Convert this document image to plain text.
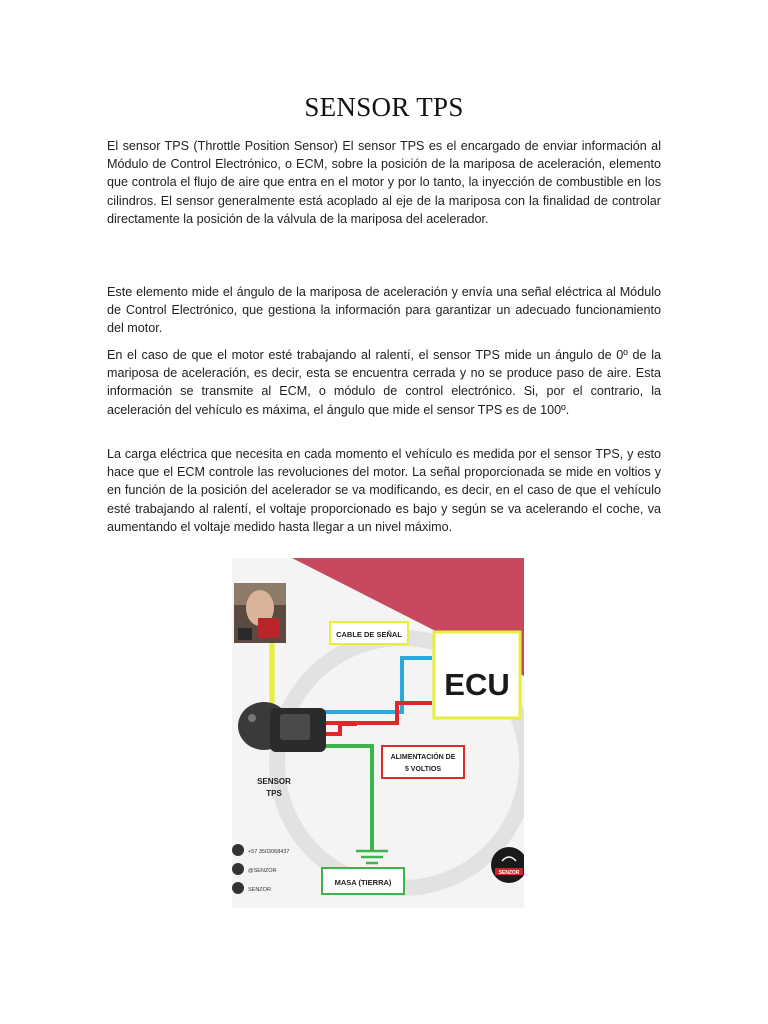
SENSOR TPS

El sensor TPS (Throttle Position Sensor) El sensor TPS es el encargado de enviar información al Módulo de Control Electrónico, o ECM, sobre la posición de la mariposa de aceleración, elemento que controla el flujo de aire que entra en el motor y por lo tanto, la inyección de combustible en los cilindros. El sensor generalmente está acoplado al eje de la mariposa con la finalidad de controlar directamente la posición de la válvula de la mariposa del acelerador.

Este elemento mide el ángulo de la mariposa de aceleración y envía una señal eléctrica al Módulo de Control Electrónico, que gestiona la información para garantizar un adecuado funcionamiento del motor.

En el caso de que el motor esté trabajando al ralentí, el sensor TPS mide un ángulo de 0º de la mariposa de aceleración, es decir, esta se encuentra cerrada y no se produce paso de aire. Esta información se transmite al ECM, o módulo de control electrónico. Si, por el contrario, la aceleración del vehículo es máxima, el ángulo que mide el sensor TPS es de 100º.

La carga eléctrica que necesita en cada momento el vehículo es medida por el sensor TPS, y esto hace que el ECM controle las revoluciones del motor. La señal proporcionada se mide en voltios y en función de la posición del acelerador se va modificando, es decir, en el caso de que el vehículo esté trabajando al ralentí, el voltaje proporcionado es bajo y según se va acelerando el coche, va aumentando el voltaje medido hasta llegar a un nivel máximo.

ECU
CABLE DE SEÑAL
ALIMENTACIÓN DE
5 VOLTIOS
SENSOR
TPS
MASA (TIERRA)
+57 3503068437
@SENZOR
SENZOR
SENZOR
